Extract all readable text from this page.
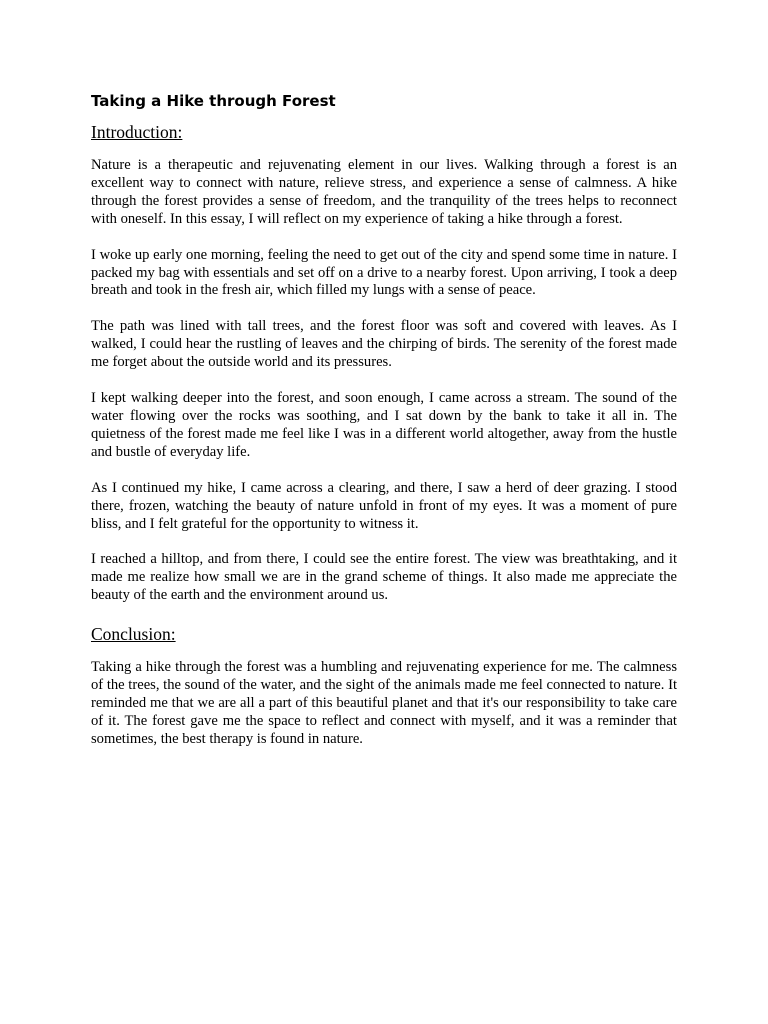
Taking a Hike through Forest
Introduction:

Nature is a therapeutic and rejuvenating element in our lives. Walking through a forest is an excellent way to connect with nature, relieve stress, and experience a sense of calmness. A hike through the forest provides a sense of freedom, and the tranquility of the trees helps to reconnect with oneself. In this essay, I will reflect on my experience of taking a hike through a forest.

I woke up early one morning, feeling the need to get out of the city and spend some time in nature. I packed my bag with essentials and set off on a drive to a nearby forest. Upon arriving, I took a deep breath and took in the fresh air, which filled my lungs with a sense of peace.

The path was lined with tall trees, and the forest floor was soft and covered with leaves. As I walked, I could hear the rustling of leaves and the chirping of birds. The serenity of the forest made me forget about the outside world and its pressures.

I kept walking deeper into the forest, and soon enough, I came across a stream. The sound of the water flowing over the rocks was soothing, and I sat down by the bank to take it all in. The quietness of the forest made me feel like I was in a different world altogether, away from the hustle and bustle of everyday life.

As I continued my hike, I came across a clearing, and there, I saw a herd of deer grazing. I stood there, frozen, watching the beauty of nature unfold in front of my eyes. It was a moment of pure bliss, and I felt grateful for the opportunity to witness it.

I reached a hilltop, and from there, I could see the entire forest. The view was breathtaking, and it made me realize how small we are in the grand scheme of things. It also made me appreciate the beauty of the earth and the environment around us.

Conclusion:

Taking a hike through the forest was a humbling and rejuvenating experience for me. The calmness of the trees, the sound of the water, and the sight of the animals made me feel connected to nature. It reminded me that we are all a part of this beautiful planet and that it's our responsibility to take care of it. The forest gave me the space to reflect and connect with myself, and it was a reminder that sometimes, the best therapy is found in nature.
